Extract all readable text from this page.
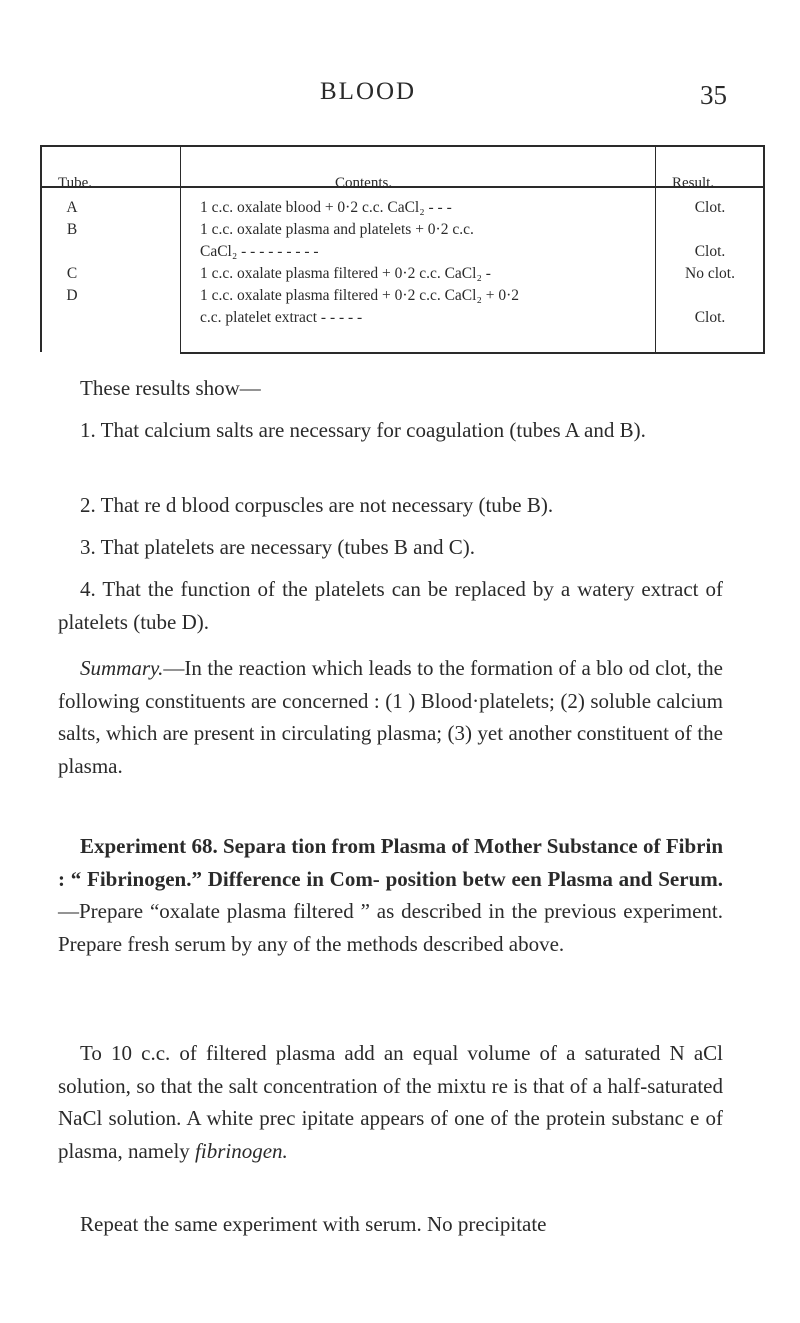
BLOOD	35
Tube.	Contents.	Result.
A	1 c.c. oxalate blood + 0·2 c.c. CaCl₂ - - -	Clot.
B	1 c.c. oxalate plasma and platelets + 0·2 c.c.
CaCl₂ - - - - - - - - -	Clot.
C	1 c.c. oxalate plasma filtered + 0·2 c.c. CaCl₂ -	No clot.
D	1 c.c. oxalate plasma filtered + 0·2 c.c. CaCl₂ + 0·2
c.c. platelet extract - - - - -	Clot.
These results show—
1. That calcium salts are necessary for coagulation (tubes A and B).
2. That re d blood corpuscles are not necessary (tube B).
3. That platelets are necessary (tubes B and C).
4. That the function of the platelets can be replaced by a watery extract of platelets (tube D).
Summary.—In the reaction which leads to the formation of a blo od clot, the following constituents are concerned : (1 ) Blood·platelets; (2) soluble calcium salts, which are present in circulating plasma; (3) yet another constituent of the plasma.
Experiment 68. Separa tion from Plasma of Mother Substance of Fibrin : “ Fibrinogen.” Difference in Com- position betw een Plasma and Serum.—Prepare “oxalate plasma filtered ” as described in the previous experiment. Prepare fresh serum by any of the methods described above.
To 10 c.c. of filtered plasma add an equal volume of a saturated N aCl solution, so that the salt concentration of the mixtu re is that of a half-saturated NaCl solution. A white prec ipitate appears of one of the protein substanc e of plasma, namely fibrinogen.
Repeat the same experiment with serum. No precipitate
